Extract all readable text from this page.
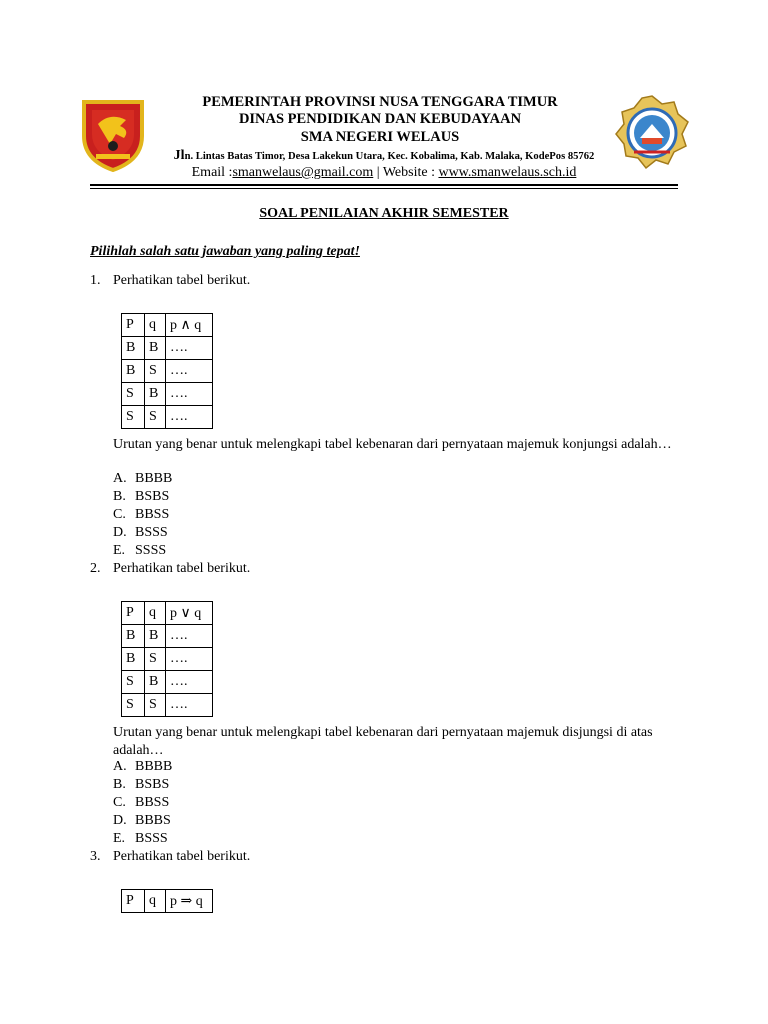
PEMERINTAH PROVINSI NUSA TENGGARA TIMUR
DINAS PENDIDIKAN DAN KEBUDAYAAN
SMA NEGERI WELAUS
Jln. Lintas Batas Timor, Desa Lakekun Utara, Kec. Kobalima, Kab. Malaka, KodePos 85762
Email :smanwelaus@gmail.com | Website : www.smanwelaus.sch.id
SOAL PENILAIAN AKHIR SEMESTER
Pilihlah salah satu jawaban yang paling tepat!
1. Perhatikan tabel berikut.
P	q	p ∧ q
B	B	….
B	S	….
S	B	….
S	S	….
Urutan yang benar untuk melengkapi tabel kebenaran dari pernyataan majemuk konjungsi adalah…
A. BBBB
B. BSBS
C. BBSS
D. BSSS
E. SSSS
2. Perhatikan tabel berikut.
P	q	p ∨ q
B	B	….
B	S	….
S	B	….
S	S	….
Urutan yang benar untuk melengkapi tabel kebenaran dari pernyataan majemuk disjungsi di atas adalah…
A. BBBB
B. BSBS
C. BBSS
D. BBBS
E. BSSS
3. Perhatikan tabel berikut.
P	q	p ⇒ q
